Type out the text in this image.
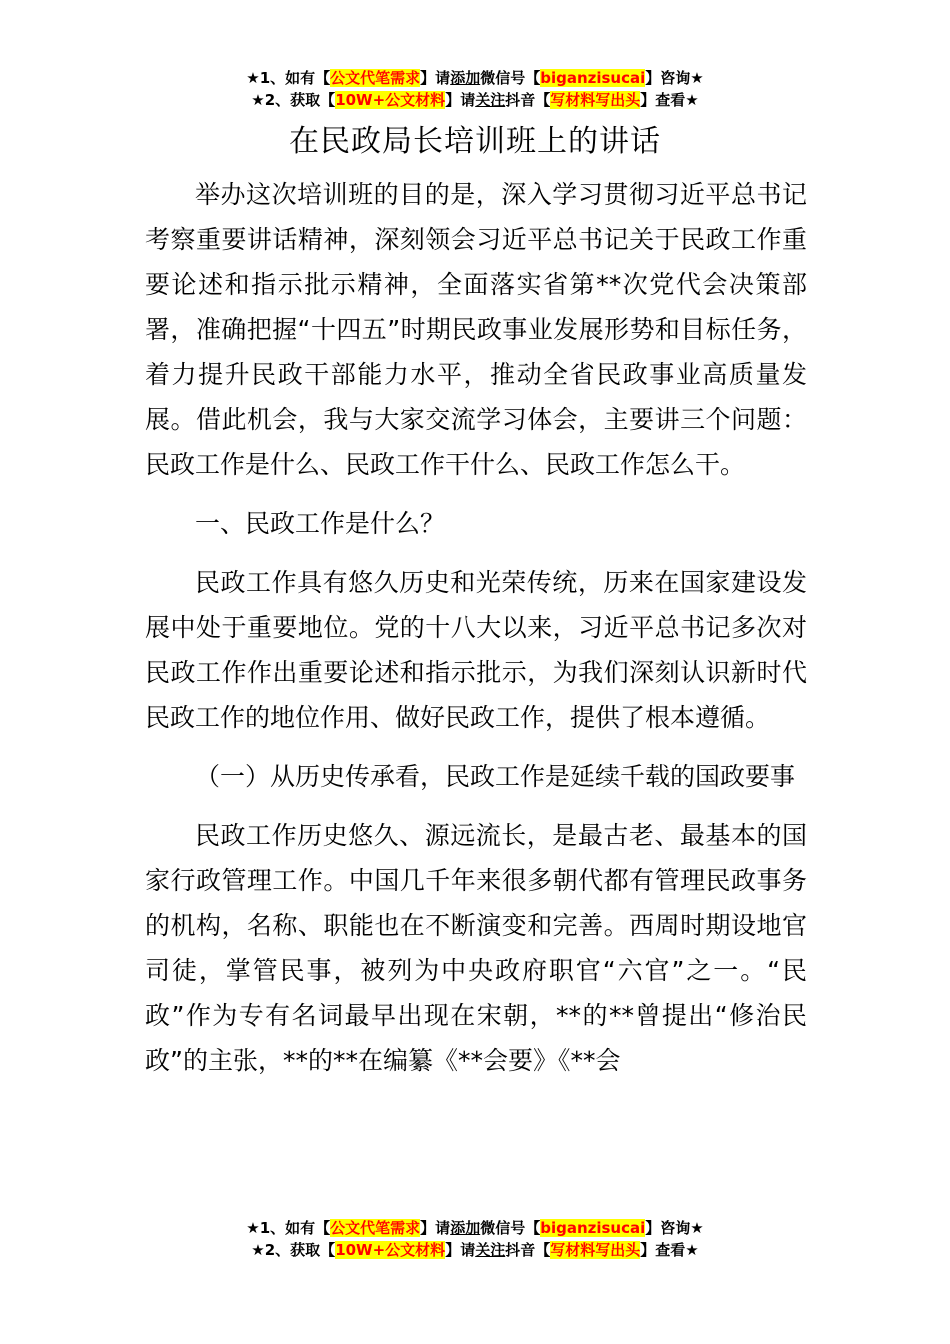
★1、如有【公文代笔需求】请添加微信号【biganzisucai】咨询★
★2、获取【10W+公文材料】请关注抖音【写材料写出头】查看★
在民政局长培训班上的讲话

举办这次培训班的目的是，深入学习贯彻习近平总书记考察重要讲话精神，深刻领会习近平总书记关于民政工作重要论述和指示批示精神，全面落实省第**次党代会决策部署，准确把握“十四五”时期民政事业发展形势和目标任务，着力提升民政干部能力水平，推动全省民政事业高质量发展。借此机会，我与大家交流学习体会，主要讲三个问题：民政工作是什么、民政工作干什么、民政工作怎么干。

一、民政工作是什么？

民政工作具有悠久历史和光荣传统，历来在国家建设发展中处于重要地位。党的十八大以来，习近平总书记多次对民政工作作出重要论述和指示批示，为我们深刻认识新时代民政工作的地位作用、做好民政工作，提供了根本遵循。

（一）从历史传承看，民政工作是延续千载的国政要事

民政工作历史悠久、源远流长，是最古老、最基本的国家行政管理工作。中国几千年来很多朝代都有管理民政事务的机构，名称、职能也在不断演变和完善。西周时期设地官司徒，掌管民事，被列为中央政府职官“六官”之一。“民政”作为专有名词最早出现在宋朝，**的**曾提出“修治民政”的主张，**的**在编纂《**会要》《**会

★1、如有【公文代笔需求】请添加微信号【biganzisucai】咨询★
★2、获取【10W+公文材料】请关注抖音【写材料写出头】查看★
